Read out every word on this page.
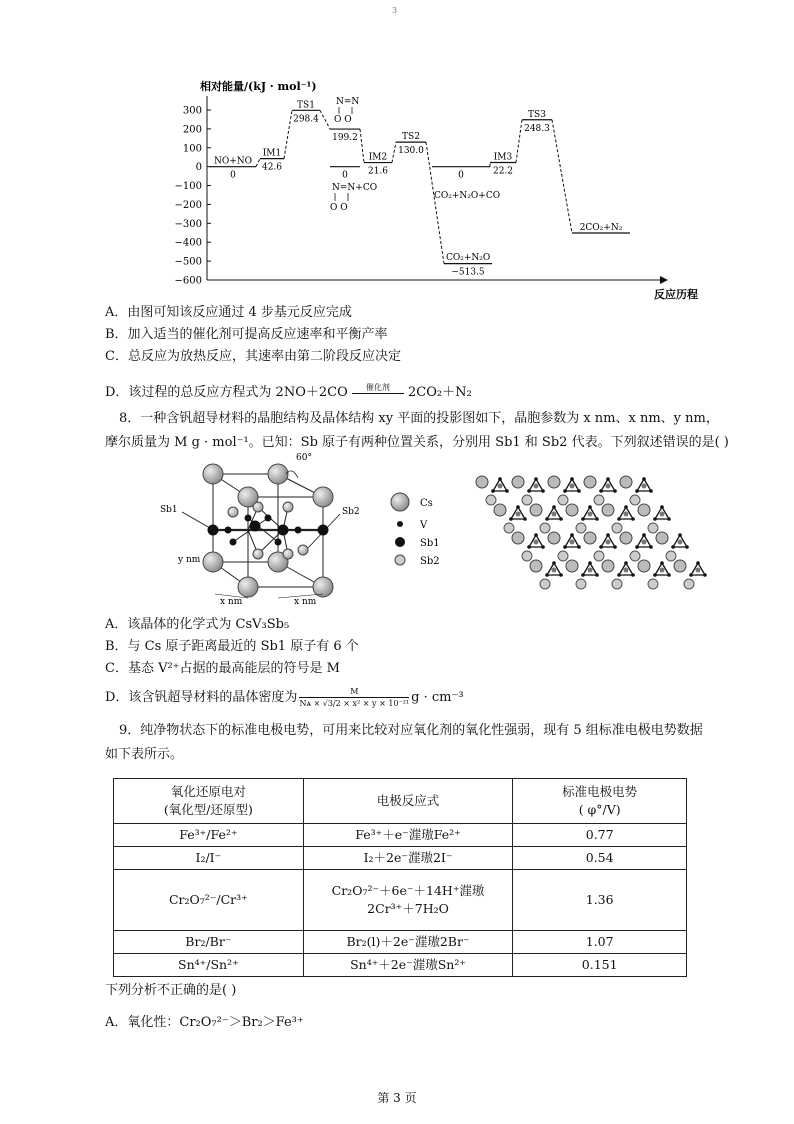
3
相对能量/(kJ · mol⁻¹)
300
200
100
0
−100
−200
−300
−400
−500
−600
反应历程
0
NO+NO
42.6
IM1
298.4
TS1
199.2
21.6
IM2
0
130.0
TS2
−513.5
0	22.2
IM3
248.3
TS3
2CO₂+N₂
N=N
O O
N=N+CO
O O
CO₂+N₂O+CO
CO₂+N₂O
A．由图可知该反应通过 4 步基元反应完成
B．加入适当的催化剂可提高反应速率和平衡产率
C．总反应为放热反应，其速率由第二阶段反应决定
D．该过程的总反应方程式为 2NO＋2CO	催化剂	2CO₂＋N₂
8．一种含钒超导材料的晶胞结构及晶体结构 xy 平面的投影图如下，晶胞参数为 x nm、x nm、y nm，
摩尔质量为 M g · mol⁻¹。已知：Sb 原子有两种位置关系，分别用 Sb1 和 Sb2 代表。下列叙述错误的是( )
Sb1	Sb2
60°
y nm
x nm	x nm
Cs
V
Sb1
Sb2
A．该晶体的化学式为 CsV₃Sb₅
B．与 Cs 原子距离最近的 Sb1 原子有 6 个
C．基态 V²⁺占据的最高能层的符号是 M
D．该含钒超导材料的晶体密度为 $\frac{M}{\text{Nᴀ × √3/2 × x² × y × 10⁻²¹}}$ g · cm⁻³
9．纯净物状态下的标准电极电势，可用来比较对应氧化剂的氧化性强弱，现有 5 组标准电极电势数据
如下表所示。
氧化还原电对
(氧化型/还原型)	电极反应式	标准电极电势
( φ°/V)
Fe³⁺/Fe²⁺	Fe³⁺＋e⁻漄璈Fe²⁺	0.77
I₂/I⁻	I₂＋2e⁻漄璈2I⁻	0.54
Cr₂O₇²⁻/Cr³⁺	Cr₂O₇²⁻＋6e⁻＋14H⁺漄璈2Cr³⁺＋7H₂O	1.36
Br₂/Br⁻	Br₂(l)＋2e⁻漄璈2Br⁻	1.07
Sn⁴⁺/Sn²⁺	Sn⁴⁺＋2e⁻漄璈Sn²⁺	0.151
下列分析不正确的是( )
A．氧化性：Cr₂O₇²⁻＞Br₂＞Fe³⁺
第 3 页
